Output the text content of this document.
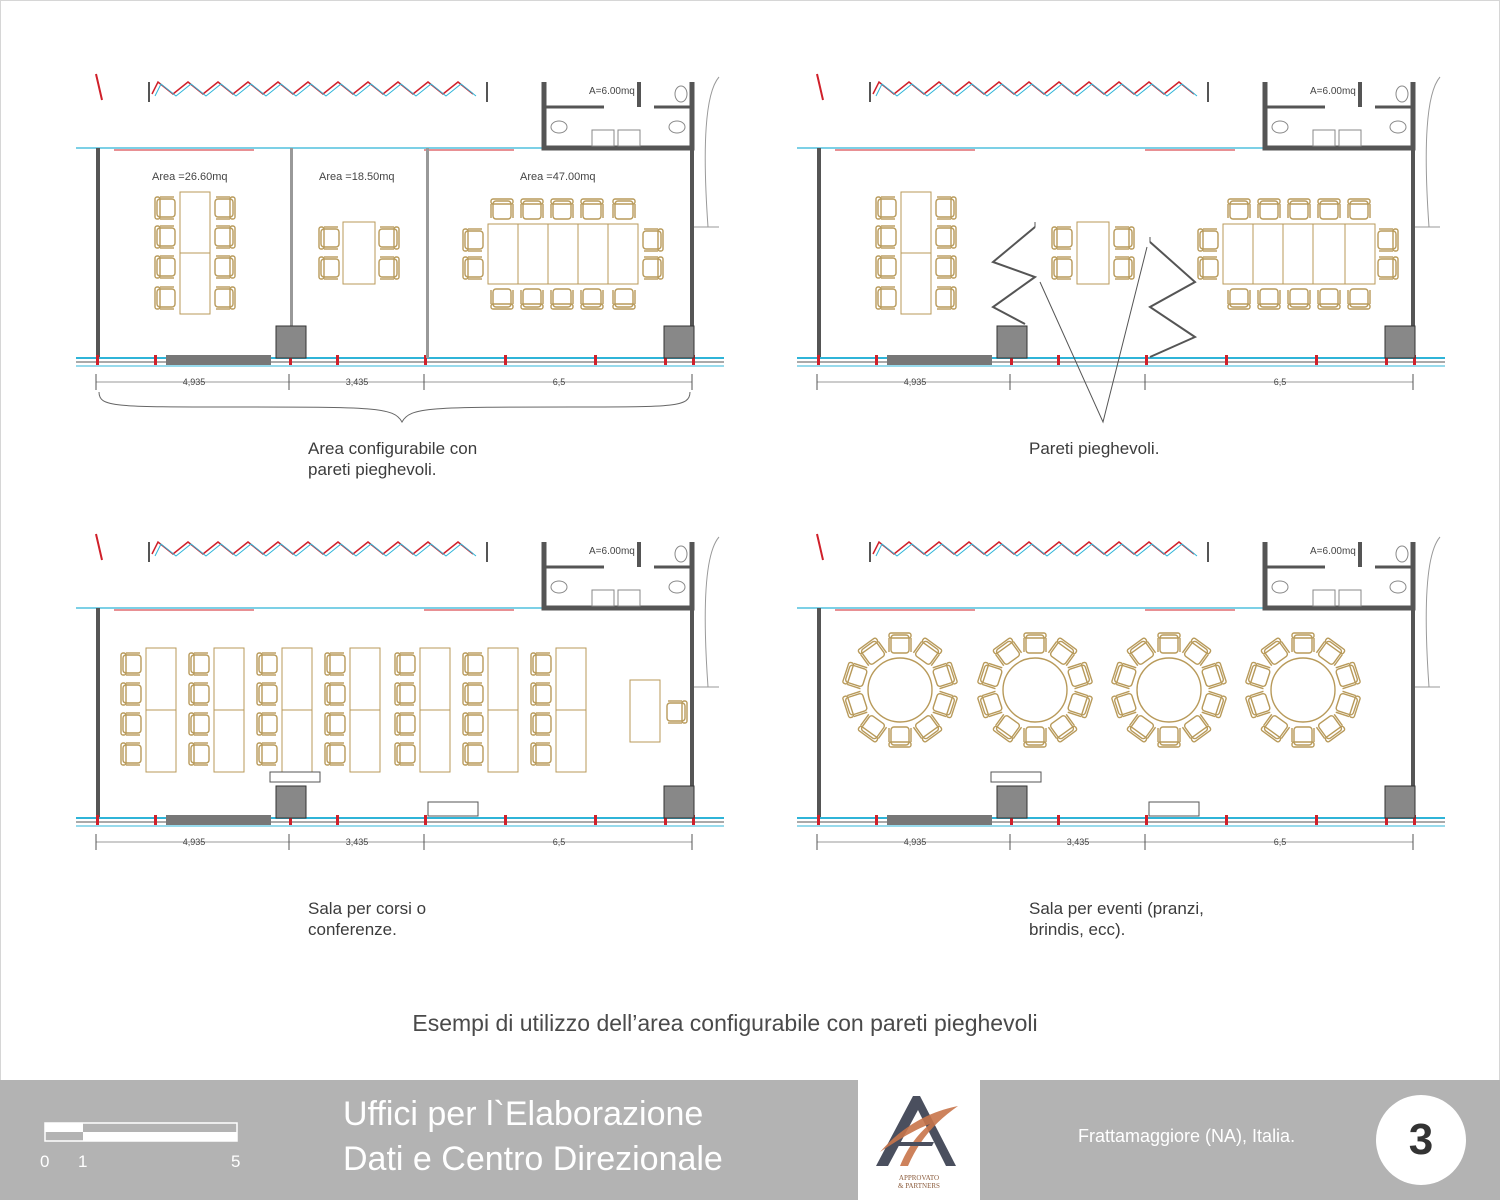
A=6.00mq
4,935	3,435	6,5
Area =26.60mq	Area =18.50mq	Area =47.00mq
A=6.00mq
4,935	6,5
A=6.00mq
4,935	3,435	6,5
A=6.00mq
4,935	3,435	6,5
Area configurabile con
pareti pieghevoli.
Pareti pieghevoli.
Sala per corsi o
conferenze.
Sala per eventi (pranzi,
brindis, ecc).
Esempi di utilizzo dell’area configurabile con pareti pieghevoli
APPROVATO
& PARTNERS
0 1	5
Uffici per l`Elaborazione
Dati e Centro Direzionale
Frattamaggiore (NA), Italia.	3
